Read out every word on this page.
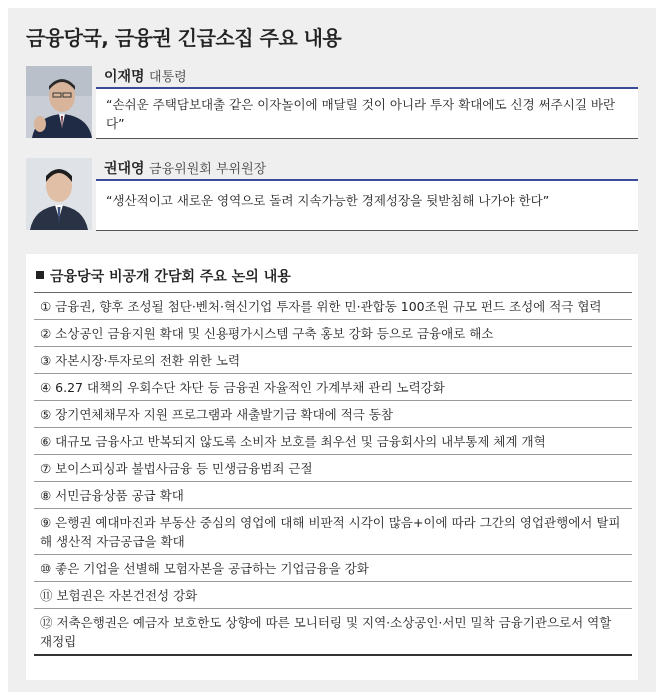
금융당국, 금융권 긴급소집 주요 내용
이재명 대통령
“손쉬운 주택담보대출 같은 이자놀이에 매달릴 것이 아니라 투자 확대에도 신경 써주시길 바란다”
권대영 금융위원회 부위원장
“생산적이고 새로운 영역으로 돌려 지속가능한 경제성장을 뒷받침해 나가야 한다”
금융당국 비공개 간담회 주요 논의 내용
① 금융권, 향후 조성될 첨단·벤처·혁신기업 투자를 위한 민·관합동 100조원 규모 펀드 조성에 적극 협력
② 소상공인 금융지원 확대 및 신용평가시스템 구축 홍보 강화 등으로 금융애로 해소
③ 자본시장·투자로의 전환 위한 노력
④ 6.27 대책의 우회수단 차단 등 금융권 자율적인 가계부채 관리 노력강화
⑤ 장기연체채무자 지원 프로그램과 새출발기금 확대에 적극 동참
⑥ 대규모 금융사고 반복되지 않도록 소비자 보호를 최우선 및 금융회사의 내부통제 체계 개혁
⑦ 보이스피싱과 불법사금융 등 민생금융범죄 근절
⑧ 서민금융상품 공급 확대
⑨ 은행권 예대마진과 부동산 중심의 영업에 대해 비판적 시각이 많음+이에 따라 그간의 영업관행에서 탈피해 생산적 자금공급을 확대
⑩ 좋은 기업을 선별해 모험자본을 공급하는 기업금융을 강화
⑪ 보험권은 자본건전성 강화
⑫ 저축은행권은 예금자 보호한도 상향에 따른 모니터링 및 지역·소상공인·서민 밀착 금융기관으로서 역할 재정립
